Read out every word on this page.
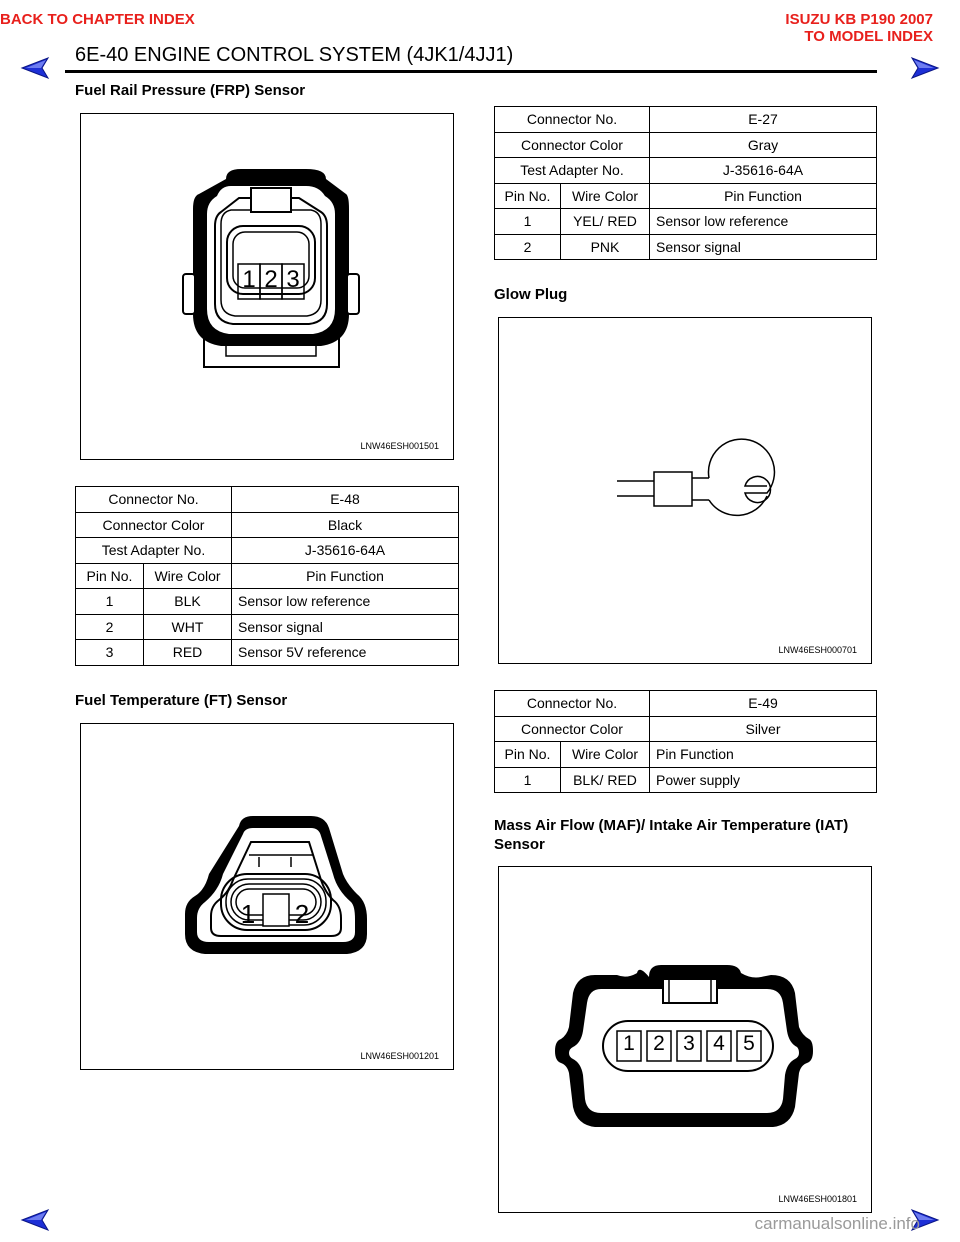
BACK TO CHAPTER INDEX	ISUZU KB P190 2007
TO MODEL INDEX
6E-40 ENGINE CONTROL SYSTEM (4JK1/4JJ1)
Fuel Rail Pressure (FRP) Sensor
1 2 3
LNW46ESH001501
Connector No.		E-48
Connector Color		Black
Test Adapter No.		J-35616-64A
Pin No.	Wire Color	Pin Function
1	BLK	Sensor low reference
2	WHT	Sensor signal
3	RED	Sensor 5V reference
Fuel Temperature (FT) Sensor
1 2
LNW46ESH001201
Connector No.		E-27
Connector Color		Gray
Test Adapter No.		J-35616-64A
Pin No.	Wire Color	Pin Function
1	YEL/ RED	Sensor low reference
2	PNK	Sensor signal
Glow Plug
LNW46ESH000701
Connector No.		E-49
Connector Color		Silver
Pin No.	Wire Color	Pin Function
1	BLK/ RED	Power supply
Mass Air Flow (MAF)/ Intake Air Temperature (IAT)
Sensor
1 2 3 4 5
LNW46ESH001801
carmanualsonline.info
